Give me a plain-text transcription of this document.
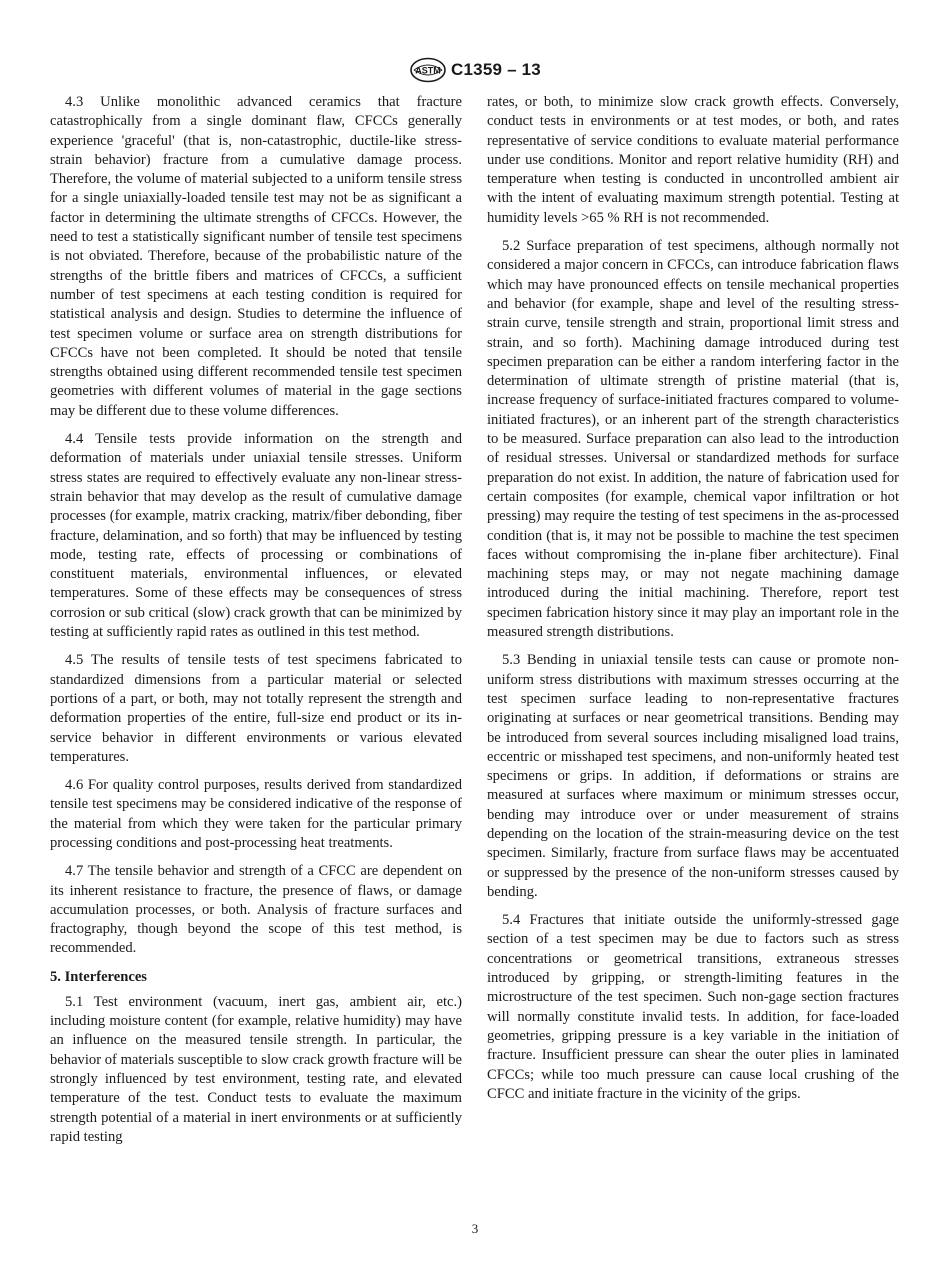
ASTM C1359 – 13

4.3 Unlike monolithic advanced ceramics that fracture catastrophically from a single dominant flaw, CFCCs generally experience 'graceful' (that is, non-catastrophic, ductile-like stress-strain behavior) fracture from a cumulative damage process. Therefore, the volume of material subjected to a uniform tensile stress for a single uniaxially-loaded tensile test may not be as significant a factor in determining the ultimate strengths of CFCCs. However, the need to test a statistically significant number of tensile test specimens is not obviated. Therefore, because of the probabilistic nature of the strengths of the brittle fibers and matrices of CFCCs, a sufficient number of test specimens at each testing condition is required for statistical analysis and design. Studies to determine the influence of test specimen volume or surface area on strength distributions for CFCCs have not been completed. It should be noted that tensile strengths obtained using different recommended tensile test specimen geometries with different volumes of material in the gage sections may be different due to these volume differences.

4.4 Tensile tests provide information on the strength and deformation of materials under uniaxial tensile stresses. Uniform stress states are required to effectively evaluate any non-linear stress-strain behavior that may develop as the result of cumulative damage processes (for example, matrix cracking, matrix/fiber debonding, fiber fracture, delamination, and so forth) that may be influenced by testing mode, testing rate, effects of processing or combinations of constituent materials, environmental influences, or elevated temperatures. Some of these effects may be consequences of stress corrosion or sub critical (slow) crack growth that can be minimized by testing at sufficiently rapid rates as outlined in this test method.

4.5 The results of tensile tests of test specimens fabricated to standardized dimensions from a particular material or selected portions of a part, or both, may not totally represent the strength and deformation properties of the entire, full-size end product or its in-service behavior in different environments or various elevated temperatures.

4.6 For quality control purposes, results derived from standardized tensile test specimens may be considered indicative of the response of the material from which they were taken for the particular primary processing conditions and post-processing heat treatments.

4.7 The tensile behavior and strength of a CFCC are dependent on its inherent resistance to fracture, the presence of flaws, or damage accumulation processes, or both. Analysis of fracture surfaces and fractography, though beyond the scope of this test method, is recommended.

5. Interferences

5.1 Test environment (vacuum, inert gas, ambient air, etc.) including moisture content (for example, relative humidity) may have an influence on the measured tensile strength. In particular, the behavior of materials susceptible to slow crack growth fracture will be strongly influenced by test environment, testing rate, and elevated temperature of the test. Conduct tests to evaluate the maximum strength potential of a material in inert environments or at sufficiently rapid testing

rates, or both, to minimize slow crack growth effects. Conversely, conduct tests in environments or at test modes, or both, and rates representative of service conditions to evaluate material performance under use conditions. Monitor and report relative humidity (RH) and temperature when testing is conducted in uncontrolled ambient air with the intent of evaluating maximum strength potential. Testing at humidity levels >65 % RH is not recommended.

5.2 Surface preparation of test specimens, although normally not considered a major concern in CFCCs, can introduce fabrication flaws which may have pronounced effects on tensile mechanical properties and behavior (for example, shape and level of the resulting stress-strain curve, tensile strength and strain, proportional limit stress and strain, and so forth). Machining damage introduced during test specimen preparation can be either a random interfering factor in the determination of ultimate strength of pristine material (that is, increase frequency of surface-initiated fractures compared to volume-initiated fractures), or an inherent part of the strength characteristics to be measured. Surface preparation can also lead to the introduction of residual stresses. Universal or standardized methods for surface preparation do not exist. In addition, the nature of fabrication used for certain composites (for example, chemical vapor infiltration or hot pressing) may require the testing of test specimens in the as-processed condition (that is, it may not be possible to machine the test specimen faces without compromising the in-plane fiber architecture). Final machining steps may, or may not negate machining damage introduced during the initial machining. Therefore, report test specimen fabrication history since it may play an important role in the measured strength distributions.

5.3 Bending in uniaxial tensile tests can cause or promote non-uniform stress distributions with maximum stresses occurring at the test specimen surface leading to non-representative fractures originating at surfaces or near geometrical transitions. Bending may be introduced from several sources including misaligned load trains, eccentric or misshaped test specimens, and non-uniformly heated test specimens or grips. In addition, if deformations or strains are measured at surfaces where maximum or minimum stresses occur, bending may introduce over or under measurement of strains depending on the location of the strain-measuring device on the test specimen. Similarly, fracture from surface flaws may be accentuated or suppressed by the presence of the non-uniform stresses caused by bending.

5.4 Fractures that initiate outside the uniformly-stressed gage section of a test specimen may be due to factors such as stress concentrations or geometrical transitions, extraneous stresses introduced by gripping, or strength-limiting features in the microstructure of the test specimen. Such non-gage section fractures will normally constitute invalid tests. In addition, for face-loaded geometries, gripping pressure is a key variable in the initiation of fracture. Insufficient pressure can shear the outer plies in laminated CFCCs; while too much pressure can cause local crushing of the CFCC and initiate fracture in the vicinity of the grips.

3
